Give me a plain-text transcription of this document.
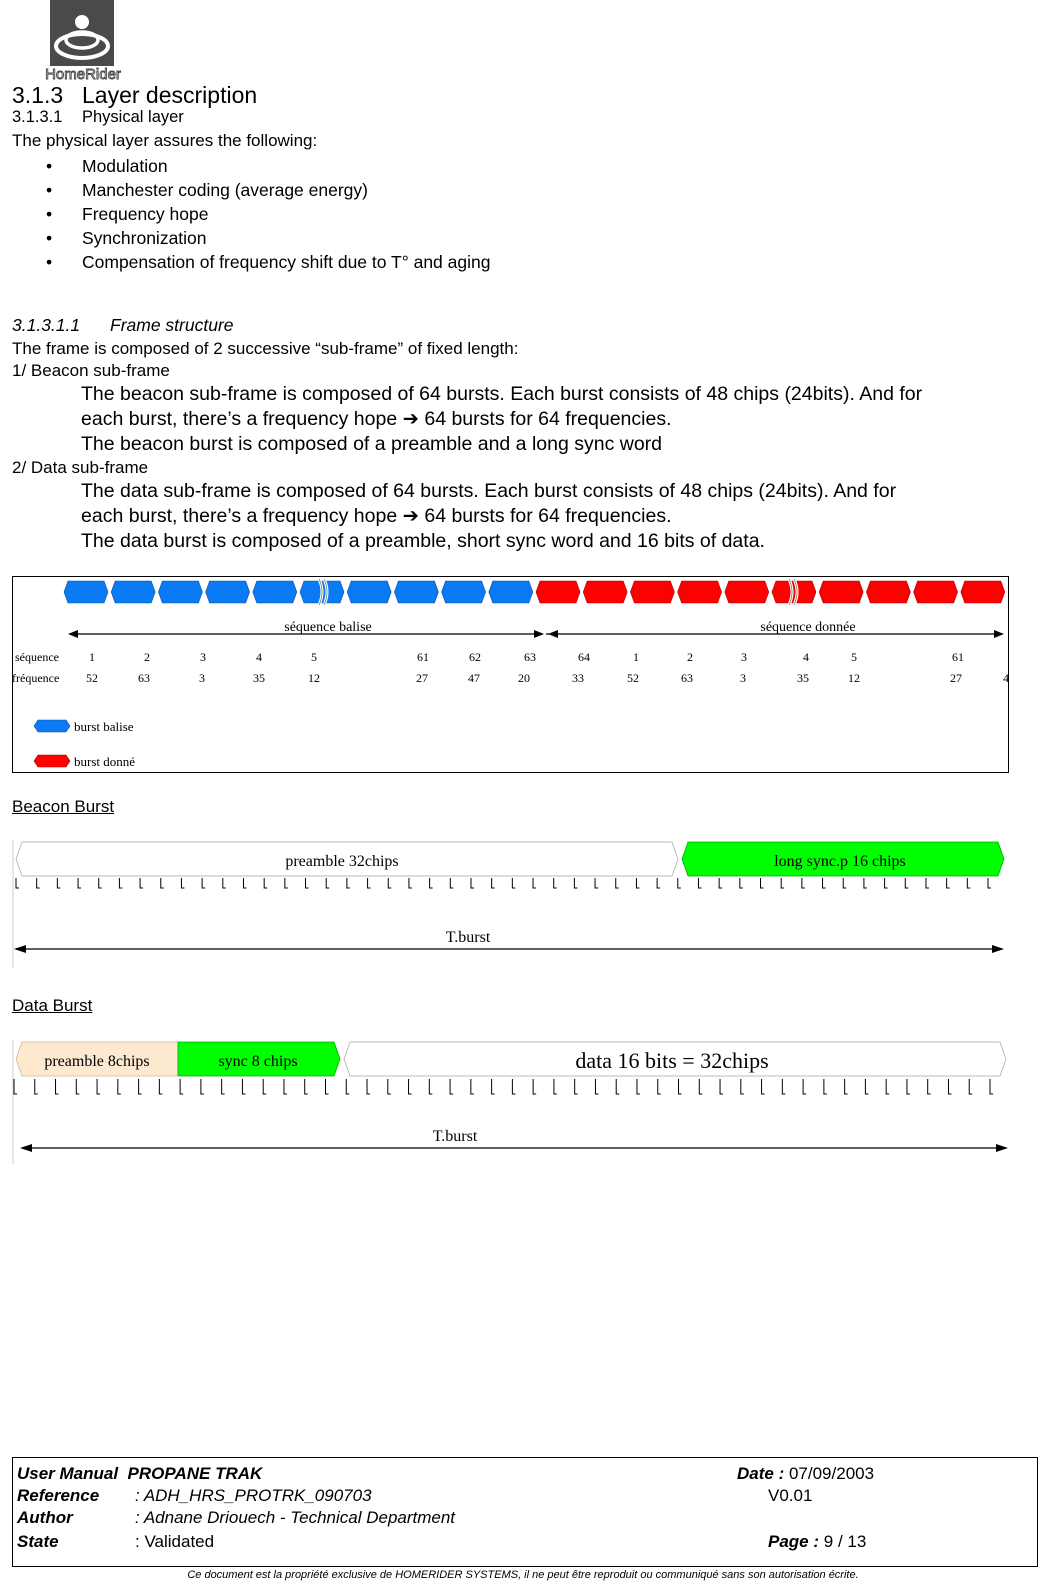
HomeRider
3.1.3 Layer description
3.1.3.1 Physical layer
The physical layer assures the following:
• Modulation
• Manchester coding (average energy)
• Frequency hope
• Synchronization
• Compensation of frequency shift due to T° and aging
3.1.3.1.1 Frame structure
The frame is composed of 2 successive “sub-frame” of fixed length:
1/ Beacon sub-frame
The beacon sub-frame is composed of 64 bursts. Each burst consists of 48 chips (24bits). And for
each burst, there’s a frequency hope ➔ 64 bursts for 64 frequencies.
The beacon burst is composed of a preamble and a long sync word
2/ Data sub-frame
The data sub-frame is composed of 64 bursts. Each burst consists of 48 chips (24bits). And for
each burst, there’s a frequency hope ➔ 64 bursts for 64 frequencies.
The data burst is composed of a preamble, short sync word and 16 bits of data.
séquence balise	séquence donnée
séquence
fréquence
1	2	3	4	5	61	62	63	64	1	2	3	4	5	61
52	63	3	35	12	27	47	20	33	52	63	3	35	12	27	4
burst balise
burst donné
Beacon Burst
preamble 32chips	long sync.p 16 chips
T.burst
Data Burst
preamble 8chips	sync 8 chips	data 16 bits = 32chips
T.burst
User Manual PROPANE TRAK	Date : 07/09/2003
Reference : ADH_HRS_PROTRK_090703	V0.01
Author	: Adnane Driouech - Technical Department
State	: Validated	Page : 9 / 13
Ce document est la propriété exclusive de HOMERIDER SYSTEMS, il ne peut être reproduit ou communiqué sans son autorisation écrite.
